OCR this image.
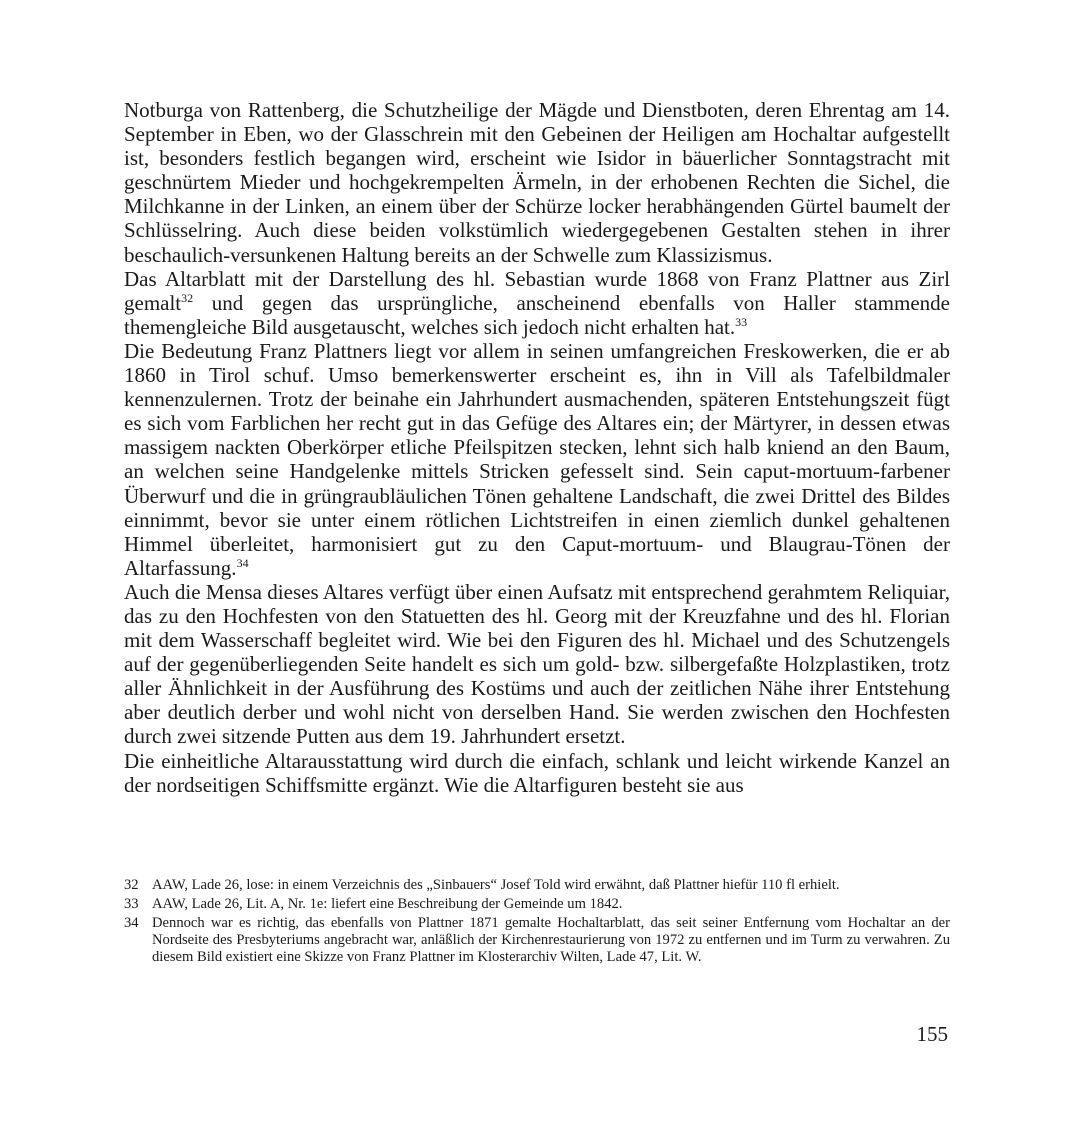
Notburga von Rattenberg, die Schutzheilige der Mägde und Dienstboten, deren Ehrentag am 14. September in Eben, wo der Glasschrein mit den Gebeinen der Heiligen am Hochaltar aufgestellt ist, besonders festlich begangen wird, erscheint wie Isidor in bäuerlicher Sonntagstracht mit geschnürtem Mieder und hochgekrempelten Ärmeln, in der erhobenen Rechten die Sichel, die Milchkanne in der Linken, an einem über der Schürze locker herabhängenden Gürtel baumelt der Schlüsselring. Auch diese beiden volkstümlich wiedergegebenen Gestalten stehen in ihrer beschaulich-versunkenen Haltung bereits an der Schwelle zum Klassizismus.

Das Altarblatt mit der Darstellung des hl. Sebastian wurde 1868 von Franz Plattner aus Zirl gemalt$^{32}$ und gegen das ursprüngliche, anscheinend ebenfalls von Haller stammende themengleiche Bild ausgetauscht, welches sich jedoch nicht erhalten hat.$^{33}$

Die Bedeutung Franz Plattners liegt vor allem in seinen umfangreichen Freskowerken, die er ab 1860 in Tirol schuf. Umso bemerkenswerter erscheint es, ihn in Vill als Tafelbildmaler kennenzulernen. Trotz der beinahe ein Jahrhundert ausmachenden, späteren Entstehungszeit fügt es sich vom Farblichen her recht gut in das Gefüge des Altares ein; der Märtyrer, in dessen etwas massigem nackten Oberkörper etliche Pfeilspitzen stecken, lehnt sich halb kniend an den Baum, an welchen seine Handgelenke mittels Stricken gefesselt sind. Sein caput-mortuum-farbener Überwurf und die in grüngraubläulichen Tönen gehaltene Landschaft, die zwei Drittel des Bildes einnimmt, bevor sie unter einem rötlichen Lichtstreifen in einen ziemlich dunkel gehaltenen Himmel überleitet, harmonisiert gut zu den Caput-mortuum- und Blaugrau-Tönen der Altarfassung.$^{34}$

Auch die Mensa dieses Altares verfügt über einen Aufsatz mit entsprechend gerahmtem Reliquiar, das zu den Hochfesten von den Statuetten des hl. Georg mit der Kreuzfahne und des hl. Florian mit dem Wasserschaff begleitet wird. Wie bei den Figuren des hl. Michael und des Schutzengels auf der gegenüberliegenden Seite handelt es sich um gold- bzw. silbergefaßte Holzplastiken, trotz aller Ähnlichkeit in der Ausführung des Kostüms und auch der zeitlichen Nähe ihrer Entstehung aber deutlich derber und wohl nicht von derselben Hand. Sie werden zwischen den Hochfesten durch zwei sitzende Putten aus dem 19. Jahrhundert ersetzt.

Die einheitliche Altarausstattung wird durch die einfach, schlank und leicht wirkende Kanzel an der nordseitigen Schiffsmitte ergänzt. Wie die Altarfiguren besteht sie aus

32 AAW, Lade 26, lose: in einem Verzeichnis des „Sinbauers“ Josef Told wird erwähnt, daß Plattner hiefür 110 fl erhielt.
33 AAW, Lade 26, Lit. A, Nr. 1e: liefert eine Beschreibung der Gemeinde um 1842.
34 Dennoch war es richtig, das ebenfalls von Plattner 1871 gemalte Hochaltarblatt, das seit seiner Entfernung vom Hochaltar an der Nordseite des Presbyteriums angebracht war, anläßlich der Kirchenrestaurierung von 1972 zu entfernen und im Turm zu verwahren. Zu diesem Bild existiert eine Skizze von Franz Plattner im Klosterarchiv Wilten, Lade 47, Lit. W.
155
